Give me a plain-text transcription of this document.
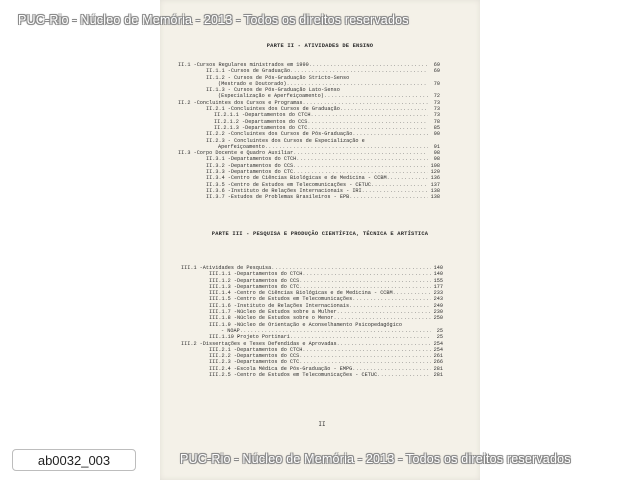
PUC-Rio - Núcleo de Memória - 2013 - Todos os direitos reservados
PARTE II - ATIVIDADES DE ENSINO
II.1 - Cursos Regulares ministrados em 1990 .....	69
II.1.1 - Cursos de Graduação .....	69
II.1.2 - Cursos de Pós-Graduação Stricto-Senso
(Mestrado e Doutorado) .....	70
II.1.3 - Cursos de Pós-Graduação Lato-Senso
(Especialização e Aperfeiçoamento) .....	72
II.2 - Concluintes dos Cursos e Programas .....	73
II.2.1 - Concluintes dos Cursos de Graduação .....	73
II.2.1.1 - Departamentos do CTCH .....	73
II.2.1.2 - Departamentos do CCS .....	78
II.2.1.3 - Departamentos do CTC .....	85
II.2.2 - Concluintes dos Cursos de Pós-Graduação .....	90
II.2.3 - Concluintes dos Cursos de Especialização e
Aperfeiçoamento .....	91
II.3 - Corpo Docente e Quadro Auxiliar .....	98
II.3.1 - Departamentos do CTCH .....	98
II.3.2 - Departamentos do CCS .....	108
II.3.3 - Departamentos do CTC .....	120
II.3.4 - Centro de Ciências Biológicas e de Medicina - CCBM .....	136
II.3.5 - Centro de Estudos em Telecomunicações - CETUC .....	137
II.3.6 - Instituto de Relações Internacionais - IRI .....	138
II.3.7 - Estudos de Problemas Brasileiros - EPB .....	138
PARTE III - PESQUISA E PRODUÇÃO CIENTÍFICA, TÉCNICA E ARTÍSTICA
III.1 - Atividades de Pesquisa .....	140
III.1.1 - Departamentos do CTCH .....	140
III.1.2 - Departamentos do CCS .....	155
III.1.3 - Departamentos do CTC .....	177
III.1.4 - Centro de Ciências Biológicas e de Medicina - CCBM .....	233
III.1.5 - Centro de Estudos em Telecomunicações .....	243
III.1.6 - Instituto de Relações Internacionais .....	249
III.1.7 - Núcleo de Estudos sobre a Mulher .....	230
III.1.8 - Núcleo de Estudos sobre o Menor .....	250
III.1.9 - Núcleo de Orientação e Aconselhamento Psicopedagógico
- NOAP .....	25
III.1.10 -
Projeto Portinari .....	25
III.2 - Dissertações e Teses Defendidas e Aprovadas .....	254
III.2.1 - Departamentos do CTCH .....	254
III.2.2 - Departamentos do CCS .....	261
III.2.3 - Departamentos do CTC .....	266
III.2.4 - Escola Médica de Pós-Graduação - EMPG .....	281
III.2.5 - Centro de Estudos em Telecomunicações - CETUC .....	281
II
PUC-Rio - Núcleo de Memória - 2013 - Todos os direitos reservados
ab0032_003
